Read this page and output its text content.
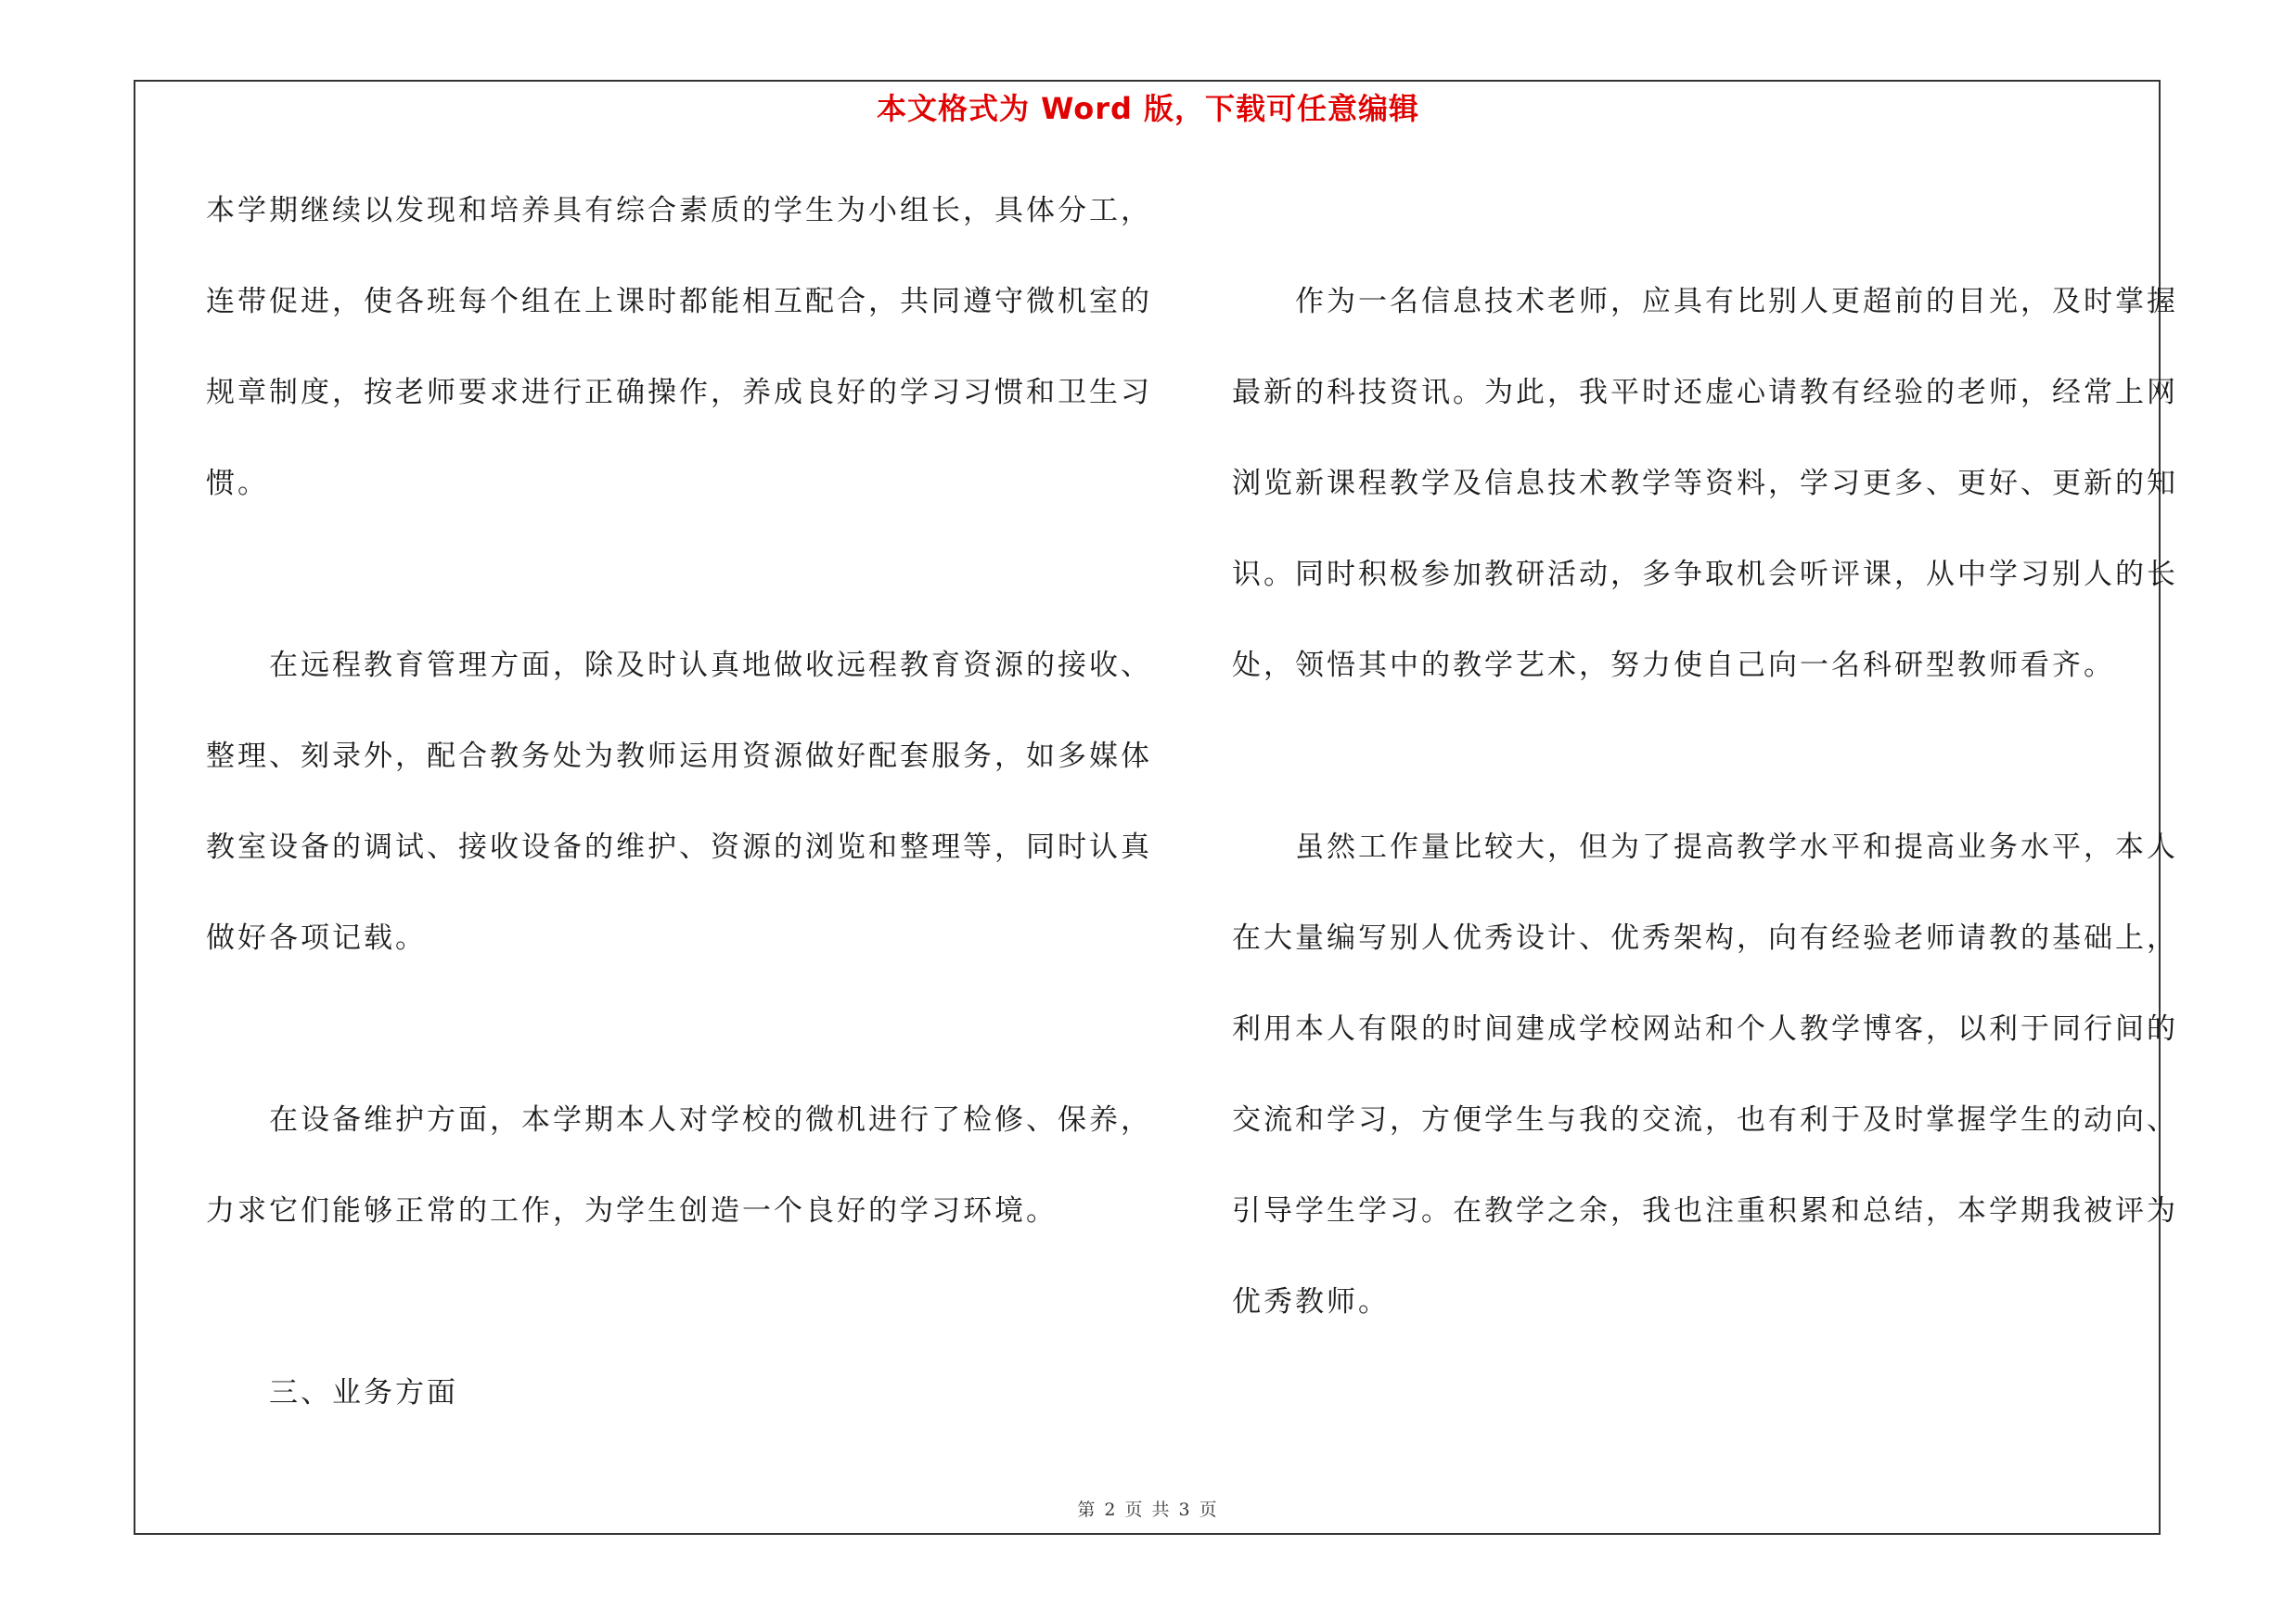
本文格式为 Word 版，下载可任意编辑
本学期继续以发现和培养具有综合素质的学生为小组长，具体分工，
连带促进，使各班每个组在上课时都能相互配合，共同遵守微机室的
规章制度，按老师要求进行正确操作，养成良好的学习习惯和卫生习
惯。
在远程教育管理方面，除及时认真地做收远程教育资源的接收、
整理、刻录外，配合教务处为教师运用资源做好配套服务，如多媒体
教室设备的调试、接收设备的维护、资源的浏览和整理等，同时认真
做好各项记载。
在设备维护方面，本学期本人对学校的微机进行了检修、保养，
力求它们能够正常的工作，为学生创造一个良好的学习环境。
三、业务方面
作为一名信息技术老师，应具有比别人更超前的目光，及时掌握
最新的科技资讯。为此，我平时还虚心请教有经验的老师，经常上网
浏览新课程教学及信息技术教学等资料，学习更多、更好、更新的知
识。同时积极参加教研活动，多争取机会听评课，从中学习别人的长
处，领悟其中的教学艺术，努力使自己向一名科研型教师看齐。
虽然工作量比较大，但为了提高教学水平和提高业务水平，本人
在大量编写别人优秀设计、优秀架构，向有经验老师请教的基础上，
利用本人有限的时间建成学校网站和个人教学博客，以利于同行间的
交流和学习，方便学生与我的交流，也有利于及时掌握学生的动向、
引导学生学习。在教学之余，我也注重积累和总结，本学期我被评为
优秀教师。
第 2 页 共 3 页
